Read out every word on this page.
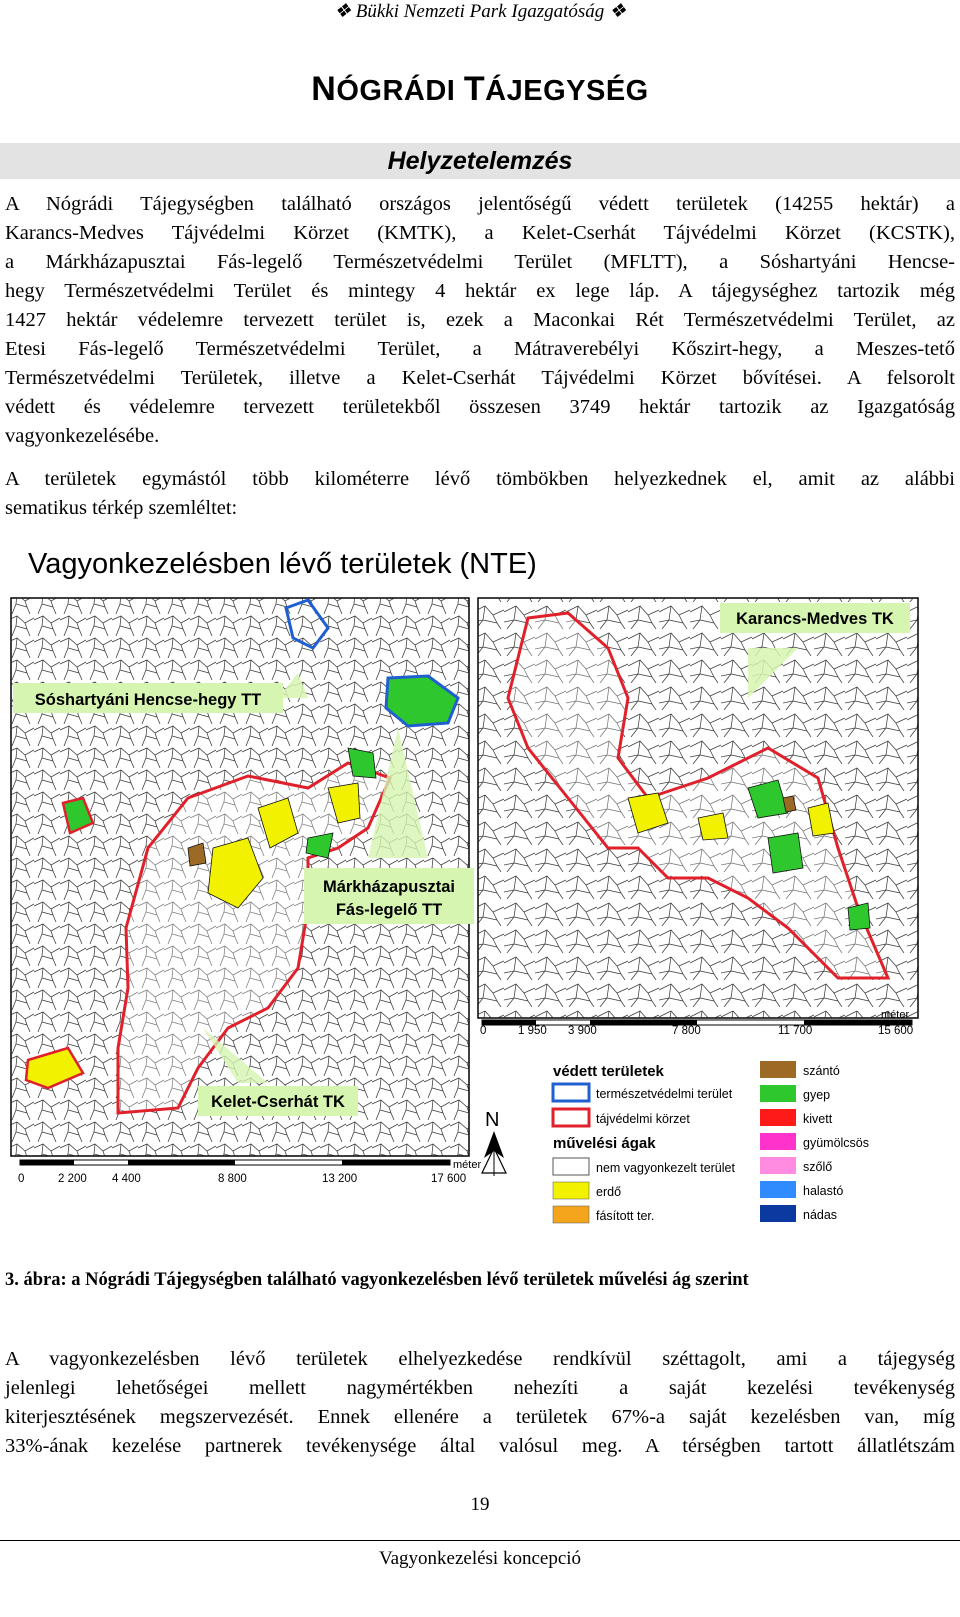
❖ Bükki Nemzeti Park Igazgatóság ❖
NÓGRÁDI TÁJEGYSÉG
Helyzetelemzés
A Nógrádi Tájegységben található országos jelentőségű védett területek (14255 hektár) a
Karancs-Medves Tájvédelmi Körzet (KMTK), a Kelet-Cserhát Tájvédelmi Körzet (KCSTK),
a Márkházapusztai Fás-legelő Természetvédelmi Terület (MFLTT), a Sóshartyáni Hencse-
hegy Természetvédelmi Terület és mintegy 4 hektár ex lege láp. A tájegységhez tartozik még
1427 hektár védelemre tervezett terület is, ezek a Maconkai Rét Természetvédelmi Terület, az
Etesi Fás-legelő Természetvédelmi Terület, a Mátraverebélyi Kőszirt-hegy, a Meszes-tető
Természetvédelmi Területek, illetve a Kelet-Cserhát Tájvédelmi Körzet bővítései. A felsorolt
védett és védelemre tervezett területekből összesen 3749 hektár tartozik az Igazgatóság
vagyonkezelésébe.
A területek egymástól több kilométerre lévő tömbökben helyezkednek el, amit az alábbi
sematikus térkép szemléltet:
Vagyonkezelésben lévő területek (NTE)
Karancs-Medves TK
Sóshartyáni Hencse-hegy TT
Márkházapusztai
Fás-legelő TT
Kelet-Cserhát TK
méter
0	2 200 4 400	8 800	13 200	17 600
méter
0	1 950 3 900	7 800	11 700	15 600
N
védett területek
természetvédelmi terület
tájvédelmi körzet
művelési ágak
nem vagyonkezelt terület
erdő
fásított ter.
szántó
gyep
kivett
gyümölcsös
szőlő
halastó
nádas
3. ábra: a Nógrádi Tájegységben található vagyonkezelésben lévő területek művelési ág szerint
A vagyonkezelésben lévő területek elhelyezkedése rendkívül széttagolt, ami a tájegység
jelenlegi lehetőségei mellett nagymértékben nehezíti a saját kezelési tevékenység
kiterjesztésének megszervezését. Ennek ellenére a területek 67%-a saját kezelésben van, míg
33%-ának kezelése partnerek tevékenysége által valósul meg. A térségben tartott állatlétszám
19
Vagyonkezelési koncepció
